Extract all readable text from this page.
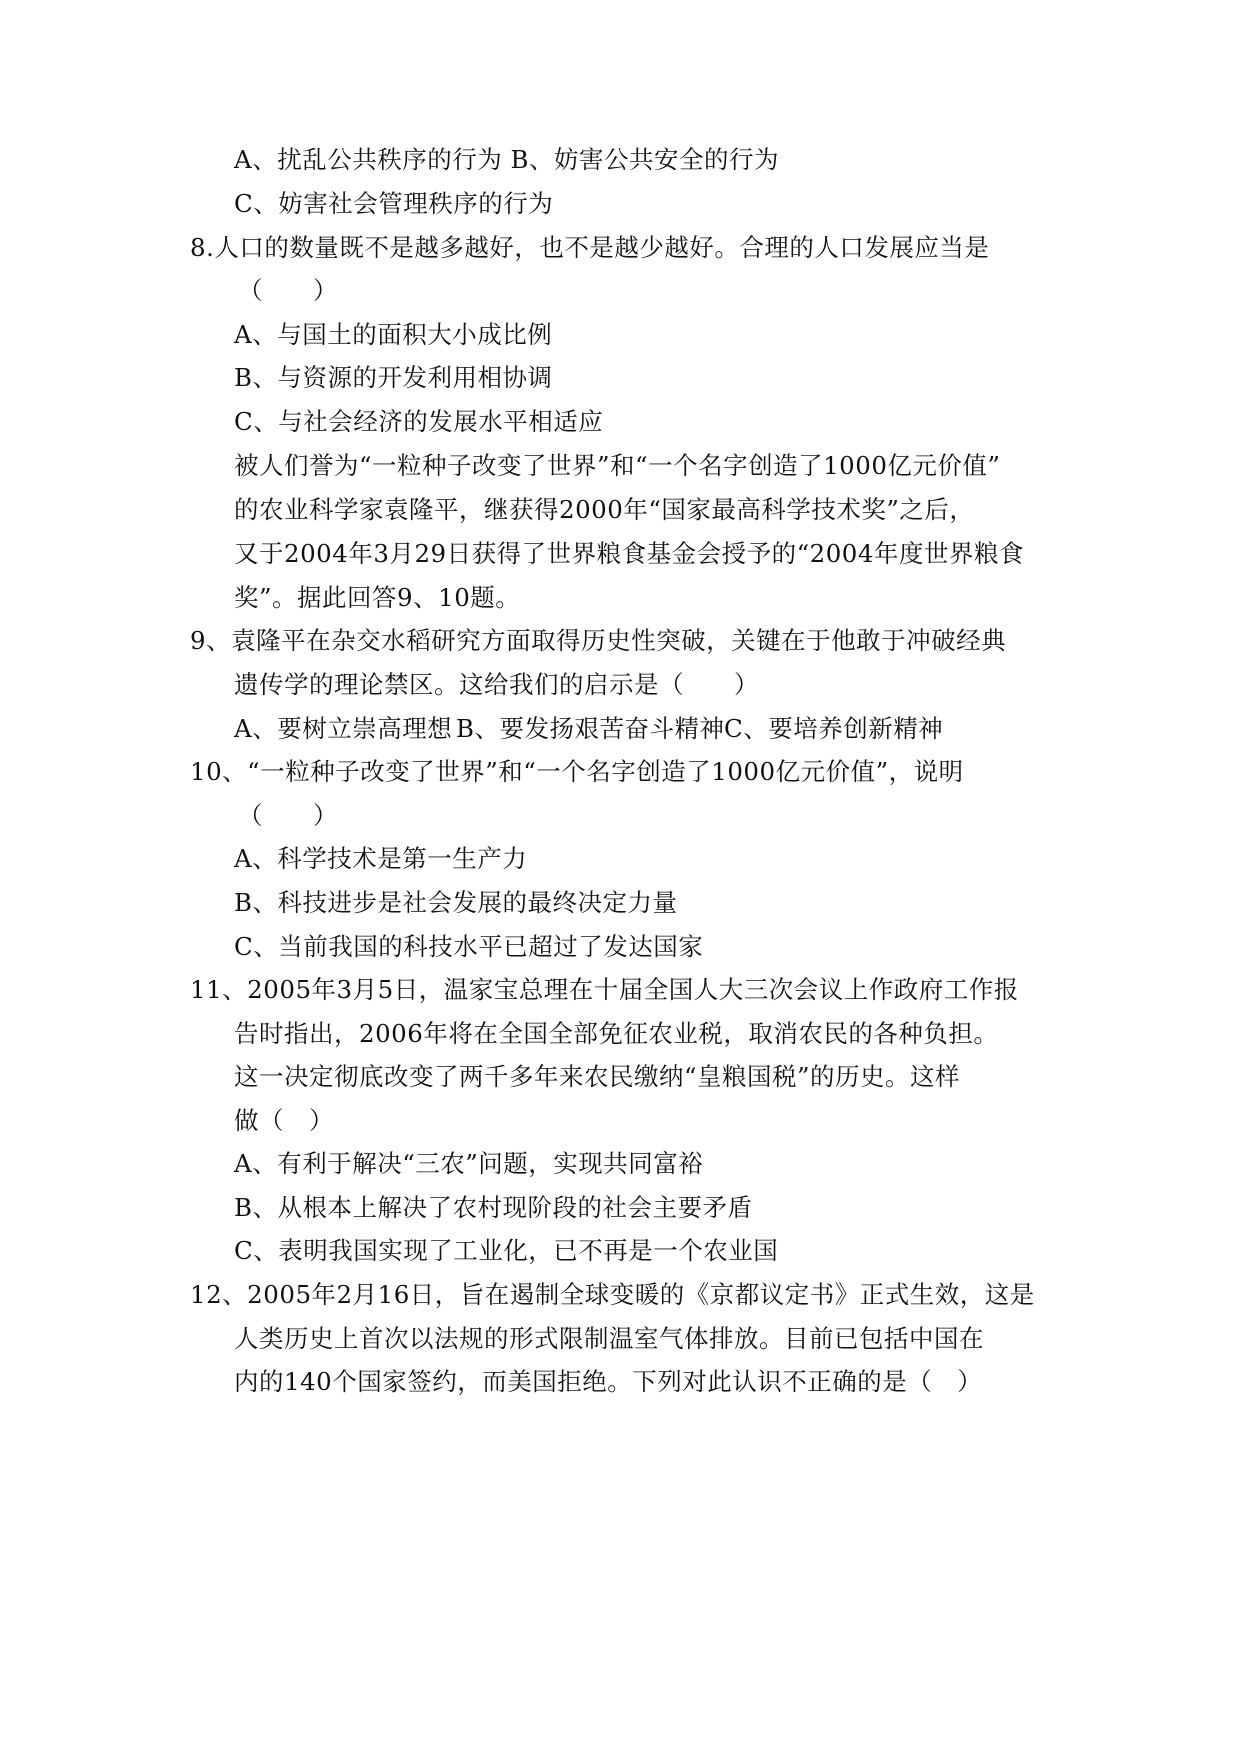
A、扰乱公共秩序的行为 B、妨害公共安全的行为
C、妨害社会管理秩序的行为
8.人口的数量既不是越多越好，也不是越少越好。合理的人口发展应当是
（　　）
A、与国土的面积大小成比例
B、与资源的开发利用相协调
C、与社会经济的发展水平相适应
被人们誉为“一粒种子改变了世界”和“一个名字创造了1000亿元价值”
的农业科学家袁隆平，继获得2000年“国家最高科学技术奖”之后，
又于2004年3月29日获得了世界粮食基金会授予的“2004年度世界粮食
奖”。据此回答9、10题。
9、袁隆平在杂交水稻研究方面取得历史性突破，关键在于他敢于冲破经典
遗传学的理论禁区。这给我们的启示是（　　）
A、要树立崇高理想 B、要发扬艰苦奋斗精神C、要培养创新精神
10、“一粒种子改变了世界”和“一个名字创造了1000亿元价值”，说明
（　　）
A、科学技术是第一生产力
B、科技进步是社会发展的最终决定力量
C、当前我国的科技水平已超过了发达国家
11、2005年3月5日，温家宝总理在十届全国人大三次会议上作政府工作报
告时指出，2006年将在全国全部免征农业税，取消农民的各种负担。
这一决定彻底改变了两千多年来农民缴纳“皇粮国税”的历史。这样
做（　）
A、有利于解决“三农”问题，实现共同富裕
B、从根本上解决了农村现阶段的社会主要矛盾
C、表明我国实现了工业化，已不再是一个农业国
12、2005年2月16日，旨在遏制全球变暖的《京都议定书》正式生效，这是
人类历史上首次以法规的形式限制温室气体排放。目前已包括中国在
内的140个国家签约，而美国拒绝。下列对此认识不正确的是（　）
